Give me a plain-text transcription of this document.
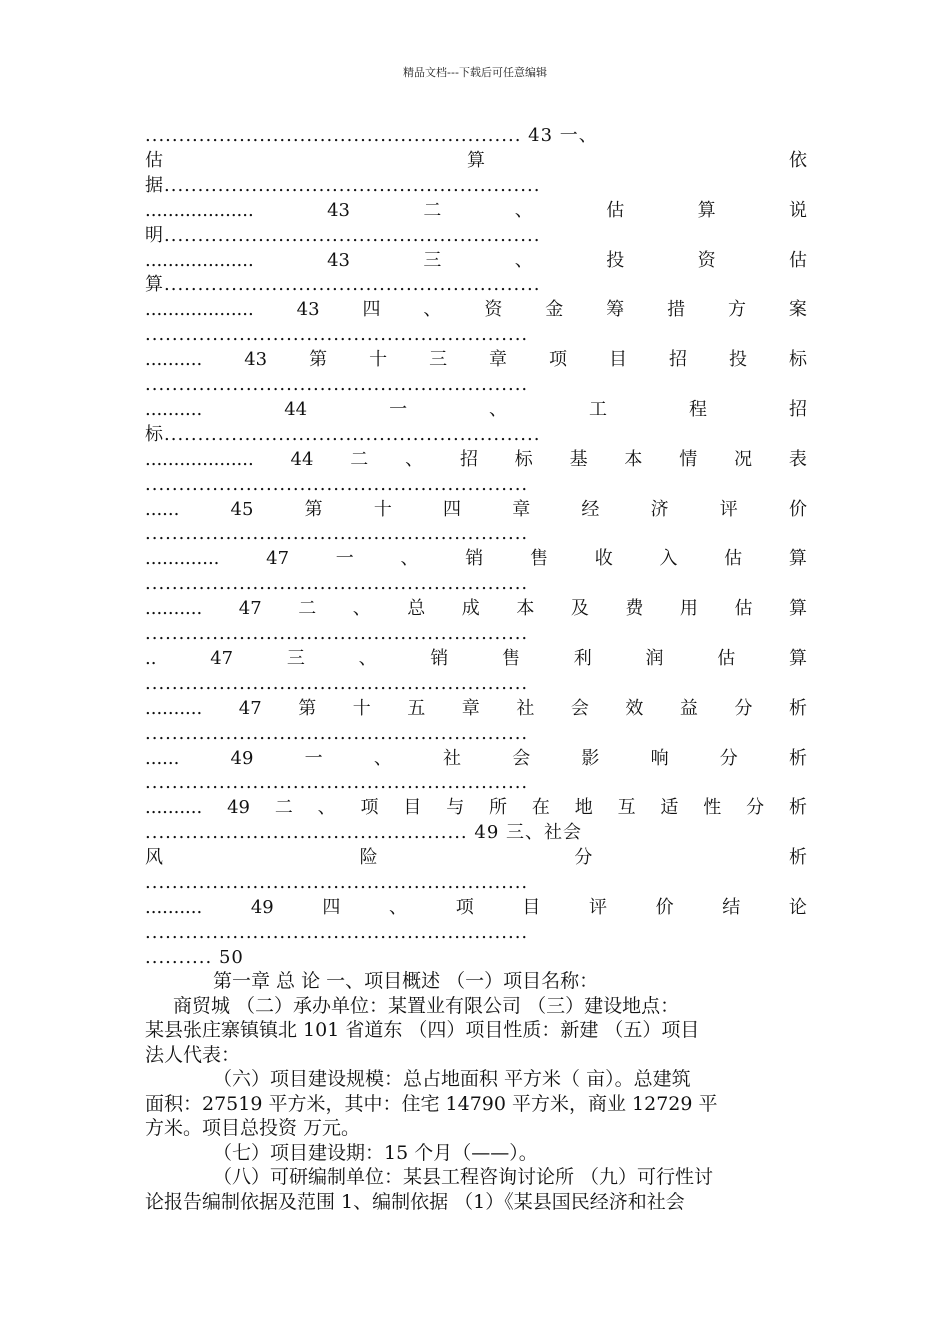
精品文档---下载后可任意编辑
........................................................ 43 一、
估	算	依
据........................................................
...................	43	二	、	估	算	说
明........................................................
...................	43	三	、	投	资	估
算........................................................
................... 43 四 、 资 金 筹 措 方 案
.........................................................
.......... 43 第 十 三 章 项 目 招 投 标
.........................................................
..........	44	一	、	工	程	招
标........................................................
................... 44 二 、 招 标 基 本 情 况 表
.........................................................
......	45	第	十	四	章	经	济	评	价
.........................................................
.............	47	一	、	销	售	收	入	估	算
.........................................................
.......... 47 二 、 总 成 本 及 费 用 估 算
.........................................................
..	47	三	、	销	售	利	润	估	算
.........................................................
.......... 47 第 十 五 章 社 会 效 益 分 析
.........................................................
......	49	一	、	社	会	影	响	分	析
.........................................................
.......... 49 二 、 项 目 与 所 在 地 互 适 性 分 析
................................................ 49 三、社会
风	险	分	析
.........................................................
..........	49	四	、	项	目	评	价	结	论
.........................................................
.......... 50
第一章 总 论 一、项目概述 （一）项目名称：
商贸城 （二）承办单位：某置业有限公司 （三）建设地点：
某县张庄寨镇镇北 101 省道东 （四）项目性质：新建 （五）项目
法人代表：
（六）项目建设规模：总占地面积 平方米（ 亩）。总建筑
面积：27519 平方米，其中：住宅 14790 平方米，商业 12729 平
方米。项目总投资 万元。
（七）项目建设期：15 个月（——）。
（八）可研编制单位：某县工程咨询讨论所 （九）可行性讨
论报告编制依据及范围 1、编制依据 （1）《某县国民经济和社会
